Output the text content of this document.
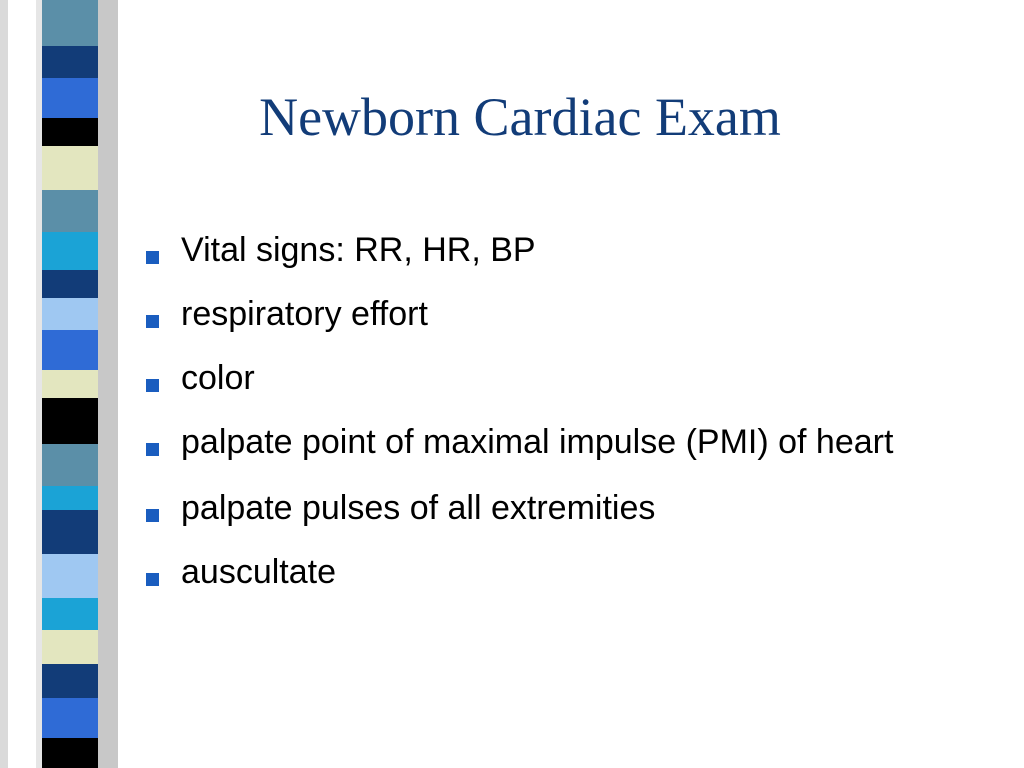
Newborn Cardiac Exam
Vital signs: RR, HR, BP
respiratory effort
color
palpate point of maximal impulse (PMI) of heart
palpate pulses of all extremities
auscultate
